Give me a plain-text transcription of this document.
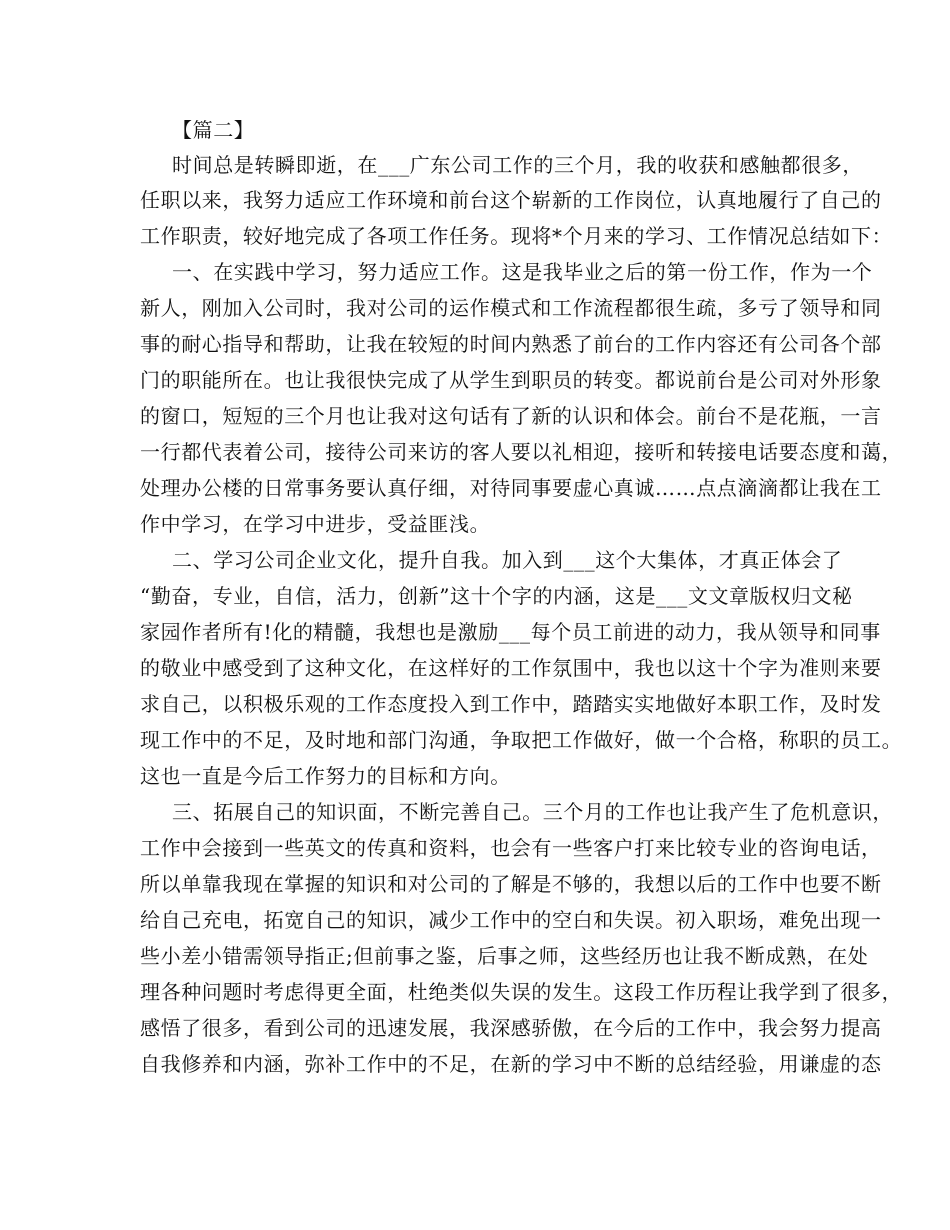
【篇二】
时间总是转瞬即逝，在___广东公司工作的三个月，我的收获和感触都很多，
任职以来，我努力适应工作环境和前台这个崭新的工作岗位，认真地履行了自己的
工作职责，较好地完成了各项工作任务。现将*个月来的学习、工作情况总结如下：
一、在实践中学习，努力适应工作。这是我毕业之后的第一份工作，作为一个
新人，刚加入公司时，我对公司的运作模式和工作流程都很生疏，多亏了领导和同
事的耐心指导和帮助，让我在较短的时间内熟悉了前台的工作内容还有公司各个部
门的职能所在。也让我很快完成了从学生到职员的转变。都说前台是公司对外形象
的窗口，短短的三个月也让我对这句话有了新的认识和体会。前台不是花瓶，一言
一行都代表着公司，接待公司来访的客人要以礼相迎，接听和转接电话要态度和蔼，
处理办公楼的日常事务要认真仔细，对待同事要虚心真诚……点点滴滴都让我在工
作中学习，在学习中进步，受益匪浅。
二、学习公司企业文化，提升自我。加入到___这个大集体，才真正体会了
“勤奋，专业，自信，活力，创新”这十个字的内涵，这是___文文章版权归文秘
家园作者所有!化的精髓，我想也是激励___每个员工前进的动力，我从领导和同事
的敬业中感受到了这种文化，在这样好的工作氛围中，我也以这十个字为准则来要
求自己，以积极乐观的工作态度投入到工作中，踏踏实实地做好本职工作，及时发
现工作中的不足，及时地和部门沟通，争取把工作做好，做一个合格，称职的员工。
这也一直是今后工作努力的目标和方向。
三、拓展自己的知识面，不断完善自己。三个月的工作也让我产生了危机意识，
工作中会接到一些英文的传真和资料，也会有一些客户打来比较专业的咨询电话，
所以单靠我现在掌握的知识和对公司的了解是不够的，我想以后的工作中也要不断
给自己充电，拓宽自己的知识，减少工作中的空白和失误。初入职场，难免出现一
些小差小错需领导指正;但前事之鉴，后事之师，这些经历也让我不断成熟，在处
理各种问题时考虑得更全面，杜绝类似失误的发生。这段工作历程让我学到了很多，
感悟了很多，看到公司的迅速发展，我深感骄傲，在今后的工作中，我会努力提高
自我修养和内涵，弥补工作中的不足，在新的学习中不断的总结经验，用谦虚的态
